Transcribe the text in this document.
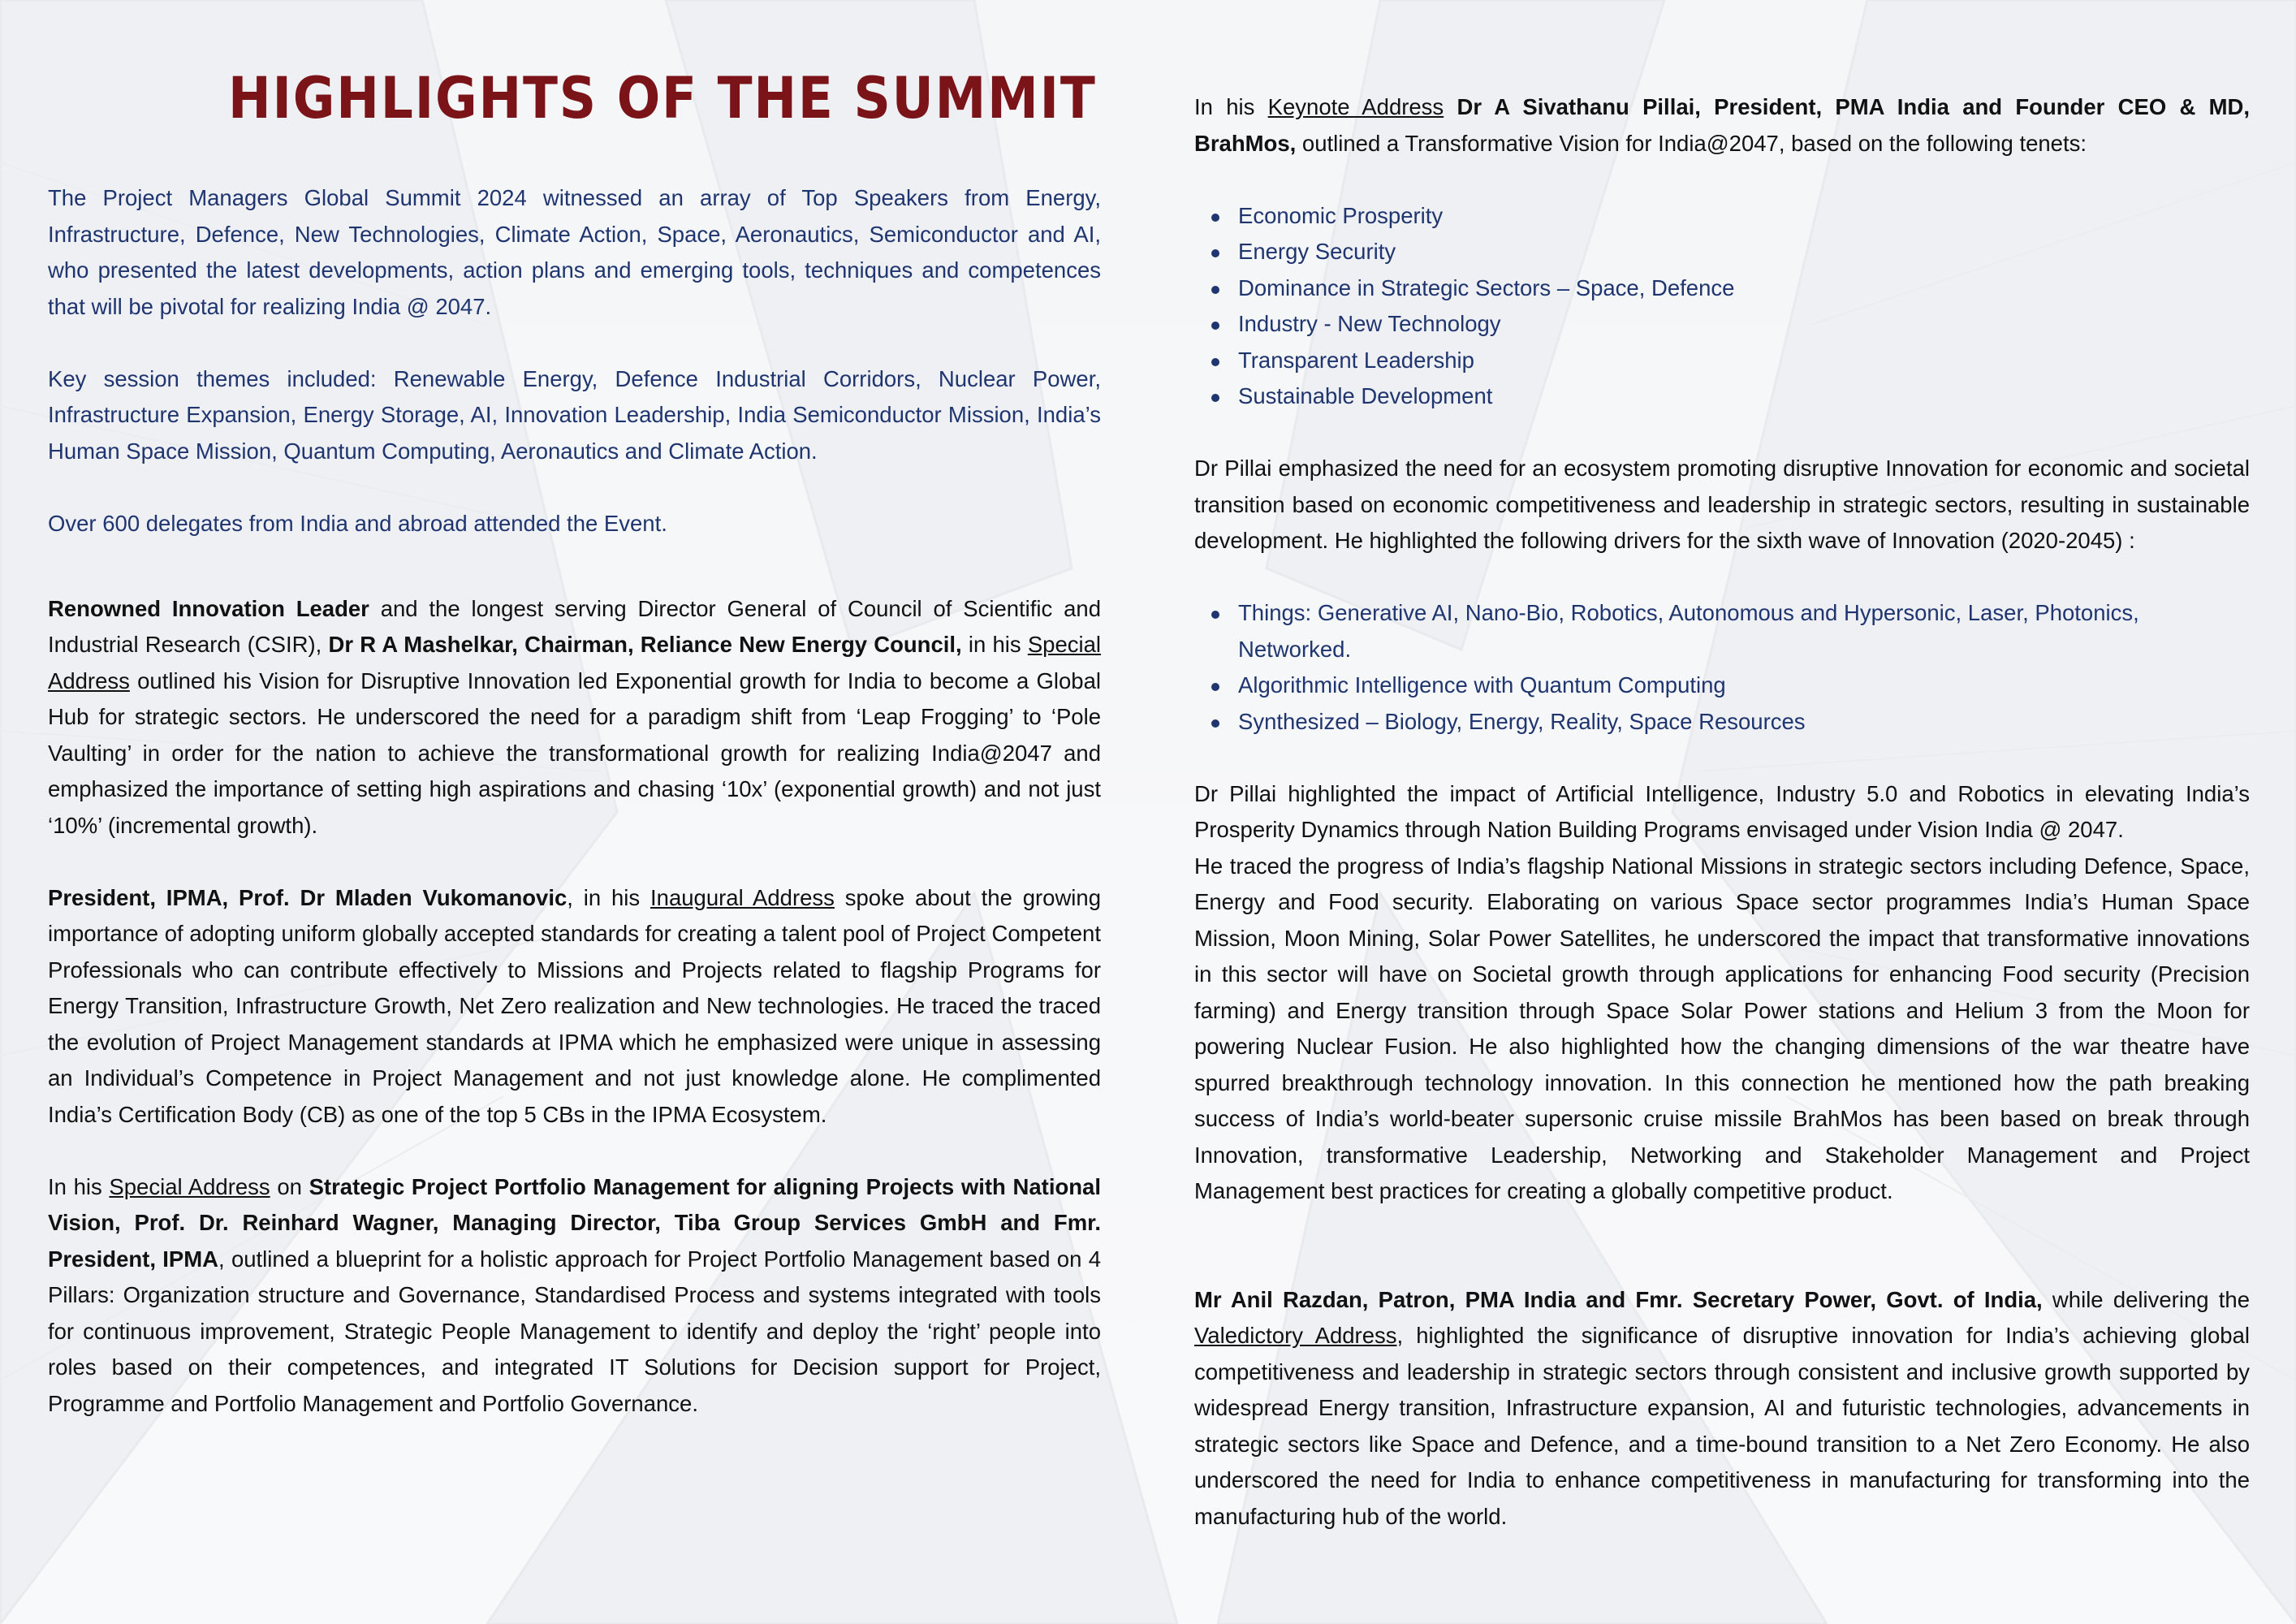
HIGHLIGHTS OF THE SUMMIT

The Project Managers Global Summit 2024 witnessed an array of Top Speakers from Energy, Infrastructure, Defence, New Technologies, Climate Action, Space, Aeronautics, Semiconductor and AI, who presented the latest developments, action plans and emerging tools, techniques and competences that will be pivotal for realizing India @ 2047.

Key session themes included: Renewable Energy, Defence Industrial Corridors, Nuclear Power, Infrastructure Expansion, Energy Storage, AI, Innovation Leadership, India Semiconductor Mission, India’s Human Space Mission, Quantum Computing, Aeronautics and Climate Action.

Over 600 delegates from India and abroad attended the Event.

Renowned Innovation Leader and the longest serving Director General of Council of Scientific and Industrial Research (CSIR), Dr R A Mashelkar, Chairman, Reliance New Energy Council, in his Special Address outlined his Vision for Disruptive Innovation led Exponential growth for India to become a Global Hub for strategic sectors. He underscored the need for a paradigm shift from ‘Leap Frogging’ to ‘Pole Vaulting’ in order for the nation to achieve the transformational growth for realizing India@2047 and emphasized the importance of setting high aspirations and chasing ‘10x’ (exponential growth) and not just ‘10%’ (incremental growth).

President, IPMA, Prof. Dr Mladen Vukomanovic, in his Inaugural Address spoke about the growing importance of adopting uniform globally accepted standards for creating a talent pool of Project Competent Professionals who can contribute effectively to Missions and Projects related to flagship Programs for Energy Transition, Infrastructure Growth, Net Zero realization and New technologies. He traced the traced the evolution of Project Management standards at IPMA which he emphasized were unique in assessing an Individual’s Competence in Project Management and not just knowledge alone. He complimented India’s Certification Body (CB) as one of the top 5 CBs in the IPMA Ecosystem.

In his Special Address on Strategic Project Portfolio Management for aligning Projects with National Vision, Prof. Dr. Reinhard Wagner, Managing Director, Tiba Group Services GmbH and Fmr. President, IPMA, outlined a blueprint for a holistic approach for Project Portfolio Management based on 4 Pillars: Organization structure and Governance, Standardised Process and systems integrated with tools for continuous improvement, Strategic People Management to identify and deploy the ‘right’ people into roles based on their competences, and integrated IT Solutions for Decision support for Project, Programme and Portfolio Management and Portfolio Governance.

In his Keynote Address Dr A Sivathanu Pillai, President, PMA India and Founder CEO & MD, BrahMos, outlined a Transformative Vision for India@2047, based on the following tenets:

Economic Prosperity
Energy Security
Dominance in Strategic Sectors – Space, Defence
Industry - New Technology
Transparent Leadership
Sustainable Development

Dr Pillai emphasized the need for an ecosystem promoting disruptive Innovation for economic and societal transition based on economic competitiveness and leadership in strategic sectors, resulting in sustainable development. He highlighted the following drivers for the sixth wave of Innovation (2020-2045) :

Things: Generative AI, Nano-Bio, Robotics, Autonomous and Hypersonic, Laser, Photonics, Networked.
Algorithmic Intelligence with Quantum Computing
Synthesized – Biology, Energy, Reality, Space Resources

Dr Pillai highlighted the impact of Artificial Intelligence, Industry 5.0 and Robotics in elevating India’s Prosperity Dynamics through Nation Building Programs envisaged under Vision India @ 2047.

He traced the progress of India’s flagship National Missions in strategic sectors including Defence, Space, Energy and Food security. Elaborating on various Space sector programmes India’s Human Space Mission, Moon Mining, Solar Power Satellites, he underscored the impact that transformative innovations in this sector will have on Societal growth through applications for enhancing Food security (Precision farming) and Energy transition through Space Solar Power stations and Helium 3 from the Moon for powering Nuclear Fusion. He also highlighted how the changing dimensions of the war theatre have spurred breakthrough technology innovation. In this connection he mentioned how the path breaking success of India’s world-beater supersonic cruise missile BrahMos has been based on break through Innovation, transformative Leadership, Networking and Stakeholder Management and Project Management best practices for creating a globally competitive product.

Mr Anil Razdan, Patron, PMA India and Fmr. Secretary Power, Govt. of India, while delivering the Valedictory Address, highlighted the significance of disruptive innovation for India’s achieving global competitiveness and leadership in strategic sectors through consistent and inclusive growth supported by widespread Energy transition, Infrastructure expansion, AI and futuristic technologies, advancements in strategic sectors like Space and Defence, and a time-bound transition to a Net Zero Economy. He also underscored the need for India to enhance competitiveness in manufacturing for transforming into the manufacturing hub of the world.
